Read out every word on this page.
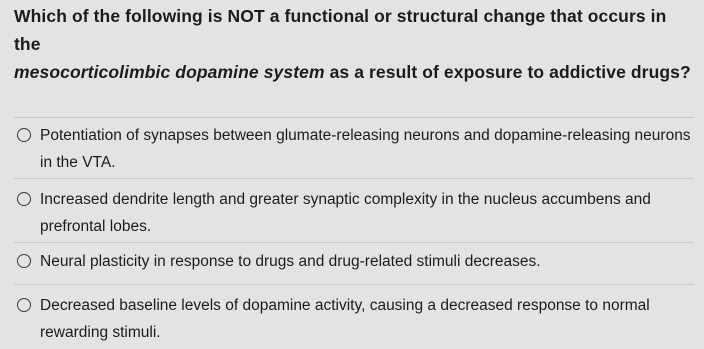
Which of the following is NOT a functional or structural change that occurs in the
mesocorticolimbic dopamine system as a result of exposure to addictive drugs?
Potentiation of synapses between glumate-releasing neurons and dopamine-releasing neurons in the VTA.
Increased dendrite length and greater synaptic complexity in the nucleus accumbens and prefrontal lobes.
Neural plasticity in response to drugs and drug-related stimuli decreases.
Decreased baseline levels of dopamine activity, causing a decreased response to normal rewarding stimuli.
